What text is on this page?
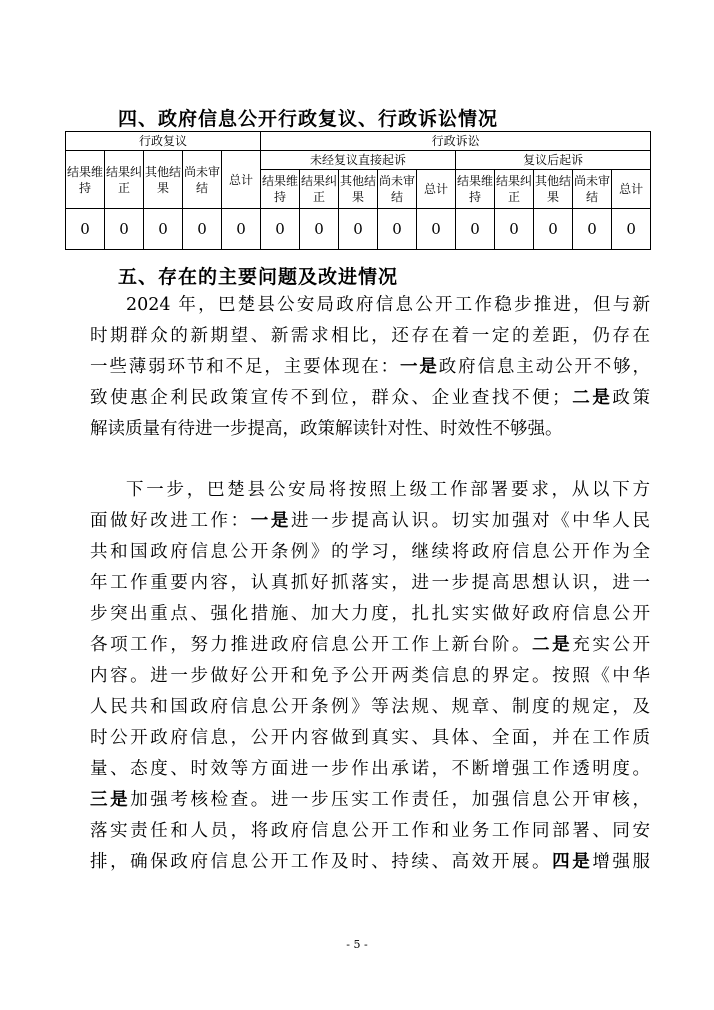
四、政府信息公开行政复议、行政诉讼情况
行政复议					行政诉讼									
结果维持	结果纠正	其他结果	尚未审结	总计	未经复议直接起诉					复议后起诉				
					结果维持	结果纠正	其他结果	尚未审结	总计	结果维持	结果纠正	其他结果	尚未审结	总计
0	0	0	0	0	0	0	0	0	0	0	0	0	0	0
五、存在的主要问题及改进情况
2024 年，巴楚县公安局政府信息公开工作稳步推进，但与新
时期群众的新期望、新需求相比，还存在着一定的差距，仍存在
一些薄弱环节和不足，主要体现在：一是政府信息主动公开不够，
致使惠企利民政策宣传不到位，群众、企业查找不便；二是政策
解读质量有待进一步提高，政策解读针对性、时效性不够强。
下一步，巴楚县公安局将按照上级工作部署要求，从以下方
面做好改进工作：一是进一步提高认识。切实加强对《中华人民
共和国政府信息公开条例》的学习，继续将政府信息公开作为全
年工作重要内容，认真抓好抓落实，进一步提高思想认识，进一
步突出重点、强化措施、加大力度，扎扎实实做好政府信息公开
各项工作，努力推进政府信息公开工作上新台阶。二是充实公开
内容。进一步做好公开和免予公开两类信息的界定。按照《中华
人民共和国政府信息公开条例》等法规、规章、制度的规定，及
时公开政府信息，公开内容做到真实、具体、全面，并在工作质
量、态度、时效等方面进一步作出承诺，不断增强工作透明度。
三是加强考核检查。进一步压实工作责任，加强信息公开审核，
落实责任和人员，将政府信息公开工作和业务工作同部署、同安
排，确保政府信息公开工作及时、持续、高效开展。四是增强服
- 5 -
